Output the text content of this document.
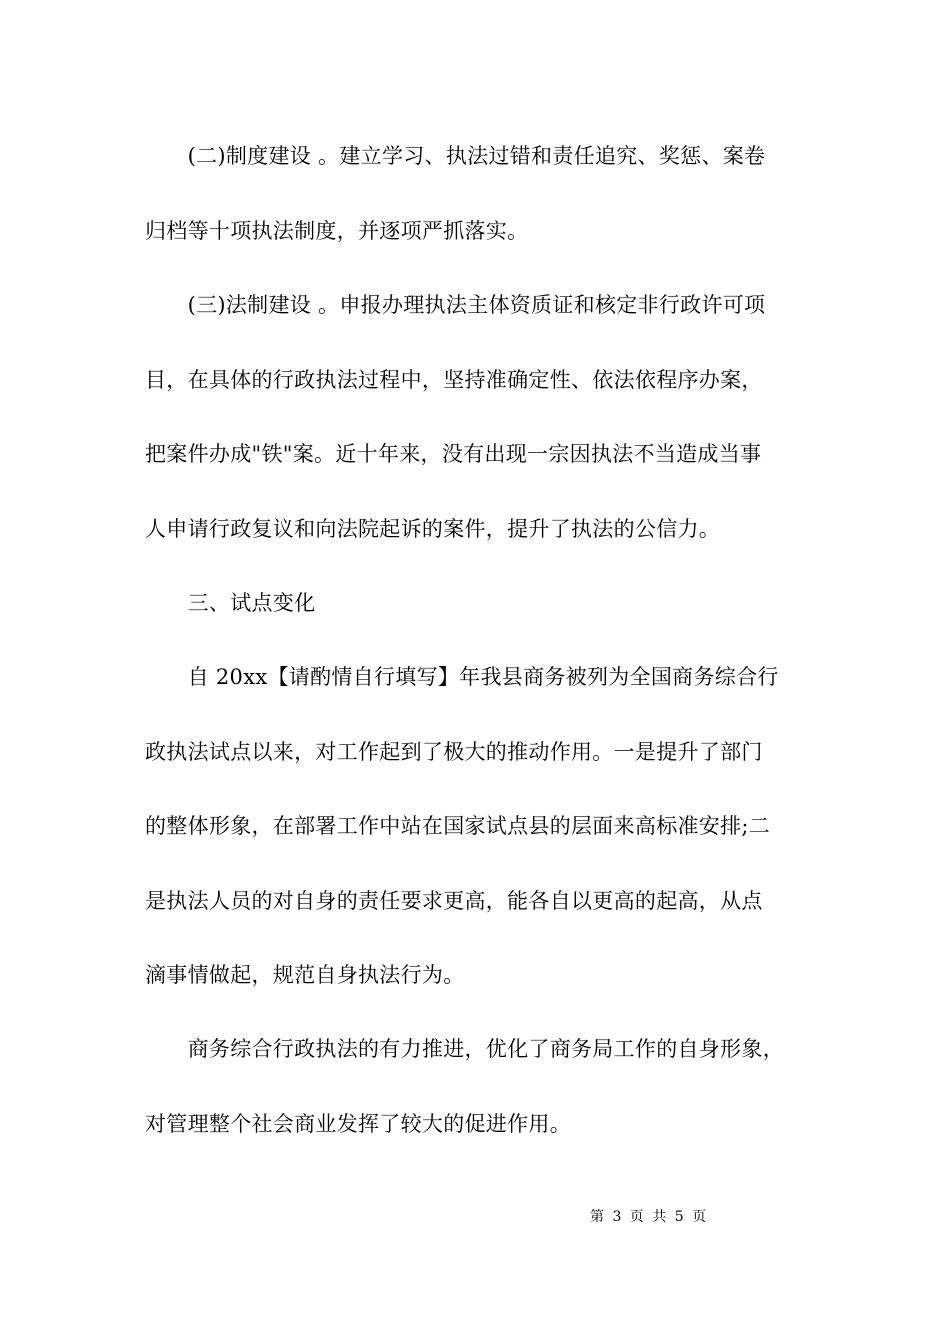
　　(二)制度建设 。建立学习、执法过错和责任追究、奖惩、案卷
归档等十项执法制度，并逐项严抓落实。
　　(三)法制建设 。申报办理执法主体资质证和核定非行政许可项
目，在具体的行政执法过程中，坚持准确定性、依法依程序办案，
把案件办成"铁"案。近十年来，没有出现一宗因执法不当造成当事
人申请行政复议和向法院起诉的案件，提升了执法的公信力。
　　三、试点变化
　　自 20xx【请酌情自行填写】年我县商务被列为全国商务综合行
政执法试点以来，对工作起到了极大的推动作用。一是提升了部门
的整体形象，在部署工作中站在国家试点县的层面来高标准安排;二
是执法人员的对自身的责任要求更高，能各自以更高的起高，从点
滴事情做起，规范自身执法行为。
　　商务综合行政执法的有力推进，优化了商务局工作的自身形象，
对管理整个社会商业发挥了较大的促进作用。
第 3 页 共 5 页
